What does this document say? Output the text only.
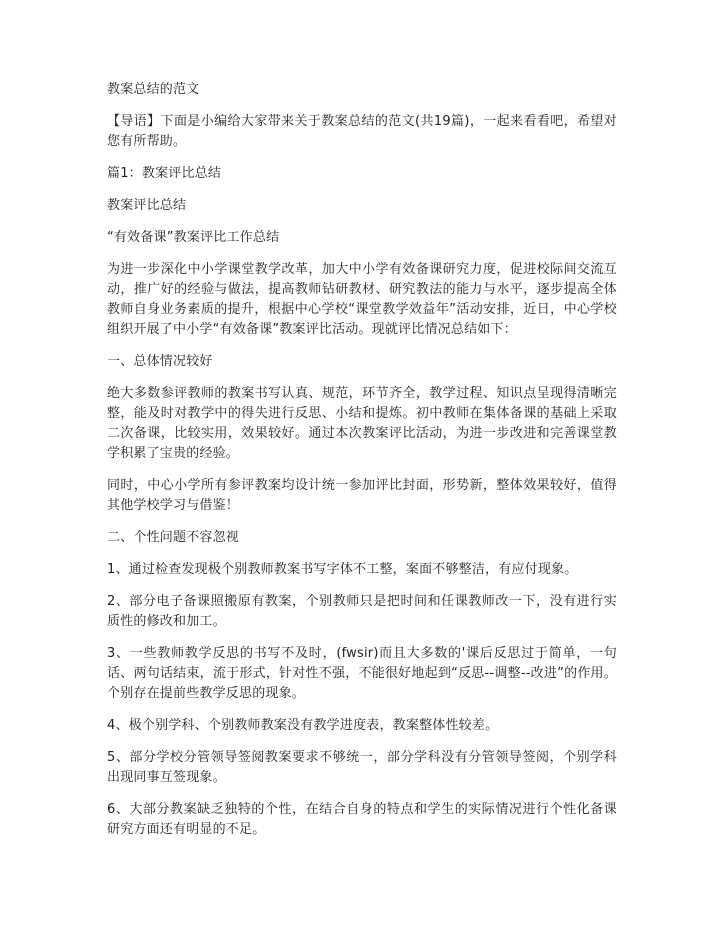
教案总结的范文

【导语】下面是小编给大家带来关于教案总结的范文(共19篇)，一起来看看吧，希望对您有所帮助。

篇1：教案评比总结

教案评比总结

“有效备课”教案评比工作总结

为进一步深化中小学课堂教学改革，加大中小学有效备课研究力度，促进校际间交流互动，推广好的经验与做法，提高教师钻研教材、研究教法的能力与水平，逐步提高全体教师自身业务素质的提升，根据中心学校“课堂教学效益年”活动安排，近日，中心学校组织开展了中小学“有效备课”教案评比活动。现就评比情况总结如下：

一、总体情况较好

绝大多数参评教师的教案书写认真、规范，环节齐全，教学过程、知识点呈现得清晰完整，能及时对教学中的得失进行反思、小结和提炼。初中教师在集体备课的基础上采取二次备课，比较实用，效果较好。通过本次教案评比活动，为进一步改进和完善课堂教学积累了宝贵的经验。

同时，中心小学所有参评教案均设计统一参加评比封面，形势新，整体效果较好，值得其他学校学习与借鉴！

二、个性问题不容忽视

1、通过检查发现极个别教师教案书写字体不工整，案面不够整洁，有应付现象。

2、部分电子备课照搬原有教案，个别教师只是把时间和任课教师改一下，没有进行实质性的修改和加工。

3、一些教师教学反思的书写不及时，(fwsir)而且大多数的'课后反思过于简单，一句话、两句话结束，流于形式，针对性不强，不能很好地起到“反思--调整--改进”的作用。个别存在提前些教学反思的现象。

4、极个别学科、个别教师教案没有教学进度表，教案整体性较差。

5、部分学校分管领导签阅教案要求不够统一，部分学科没有分管领导签阅，个别学科出现同事互签现象。

6、大部分教案缺乏独特的个性，在结合自身的特点和学生的实际情况进行个性化备课研究方面还有明显的不足。
